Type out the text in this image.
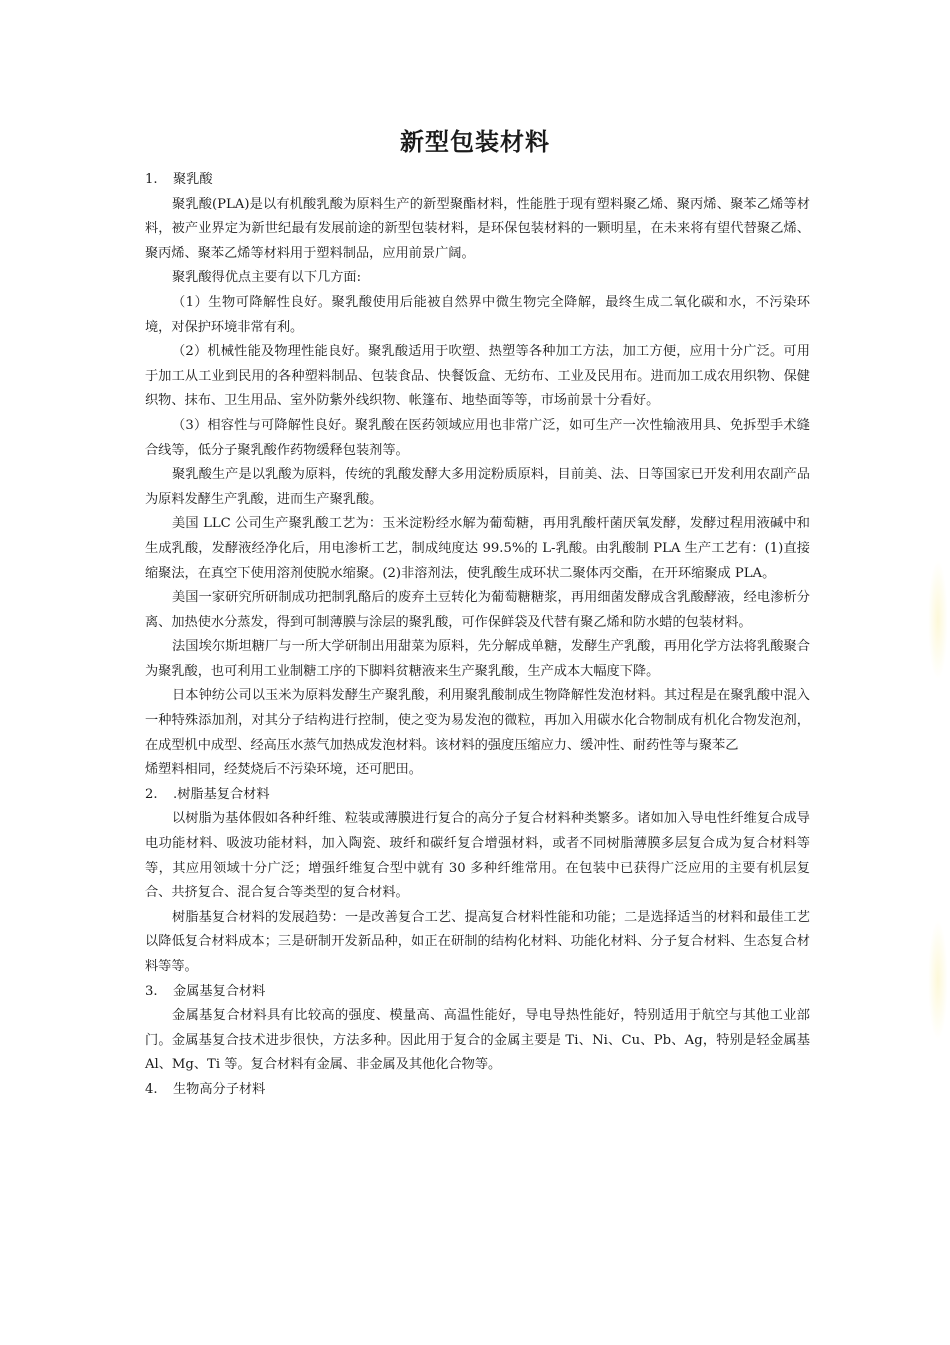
新型包装材料

1. 聚乳酸

聚乳酸(PLA)是以有机酸乳酸为原料生产的新型聚酯材料，性能胜于现有塑料聚乙烯、聚丙烯、聚苯乙烯等材料，被产业界定为新世纪最有发展前途的新型包装材料，是环保包装材料的一颗明星，在未来将有望代替聚乙烯、聚丙烯、聚苯乙烯等材料用于塑料制品，应用前景广阔。

聚乳酸得优点主要有以下几方面:

（1）生物可降解性良好。聚乳酸使用后能被自然界中微生物完全降解，最终生成二氧化碳和水，不污染环境，对保护环境非常有利。

（2）机械性能及物理性能良好。聚乳酸适用于吹塑、热塑等各种加工方法，加工方便，应用十分广泛。可用于加工从工业到民用的各种塑料制品、包装食品、快餐饭盒、无纺布、工业及民用布。进而加工成农用织物、保健织物、抹布、卫生用品、室外防紫外线织物、帐篷布、地垫面等等，市场前景十分看好。

（3）相容性与可降解性良好。聚乳酸在医药领域应用也非常广泛，如可生产一次性输液用具、免拆型手术缝合线等，低分子聚乳酸作药物缓释包装剂等。

聚乳酸生产是以乳酸为原料，传统的乳酸发酵大多用淀粉质原料，目前美、法、日等国家已开发利用农副产品为原料发酵生产乳酸，进而生产聚乳酸。

美国 LLC 公司生产聚乳酸工艺为：玉米淀粉经水解为葡萄糖，再用乳酸杆菌厌氧发酵，发酵过程用液碱中和生成乳酸，发酵液经净化后，用电渗析工艺，制成纯度达 99.5%的 L-乳酸。由乳酸制 PLA 生产工艺有：(1)直接缩聚法，在真空下使用溶剂使脱水缩聚。(2)非溶剂法，使乳酸生成环状二聚体丙交酯，在开环缩聚成 PLA。

美国一家研究所研制成功把制乳酪后的废弃土豆转化为葡萄糖糖浆，再用细菌发酵成含乳酸酵液，经电渗析分离、加热使水分蒸发，得到可制薄膜与涂层的聚乳酸，可作保鲜袋及代替有聚乙烯和防水蜡的包装材料。

法国埃尔斯坦糖厂与一所大学研制出用甜菜为原料，先分解成单糖，发酵生产乳酸，再用化学方法将乳酸聚合为聚乳酸，也可利用工业制糖工序的下脚料贫糖液来生产聚乳酸，生产成本大幅度下降。

日本钟纺公司以玉米为原料发酵生产聚乳酸，利用聚乳酸制成生物降解性发泡材料。其过程是在聚乳酸中混入一种特殊添加剂，对其分子结构进行控制，使之变为易发泡的微粒，再加入用碳水化合物制成有机化合物发泡剂，在成型机中成型、经高压水蒸气加热成发泡材料。该材料的强度压缩应力、缓冲性、耐药性等与聚苯乙

烯塑料相同，经焚烧后不污染环境，还可肥田。

2. .树脂基复合材料

以树脂为基体假如各种纤维、粒装或薄膜进行复合的高分子复合材料种类繁多。诸如加入导电性纤维复合成导电功能材料、吸波功能材料，加入陶瓷、玻纤和碳纤复合增强材料，或者不同树脂薄膜多层复合成为复合材料等等，其应用领域十分广泛；增强纤维复合型中就有 30 多种纤维常用。在包装中已获得广泛应用的主要有机层复合、共挤复合、混合复合等类型的复合材料。

树脂基复合材料的发展趋势：一是改善复合工艺、提高复合材料性能和功能；二是选择适当的材料和最佳工艺以降低复合材料成本；三是研制开发新品种，如正在研制的结构化材料、功能化材料、分子复合材料、生态复合材料等等。

3. 金属基复合材料

金属基复合材料具有比较高的强度、模量高、高温性能好，导电导热性能好，特别适用于航空与其他工业部门。金属基复合技术进步很快，方法多种。因此用于复合的金属主要是 Ti、Ni、Cu、Pb、Ag，特别是轻金属基 Al、Mg、Ti 等。复合材料有金属、非金属及其他化合物等。

4. 生物高分子材料
